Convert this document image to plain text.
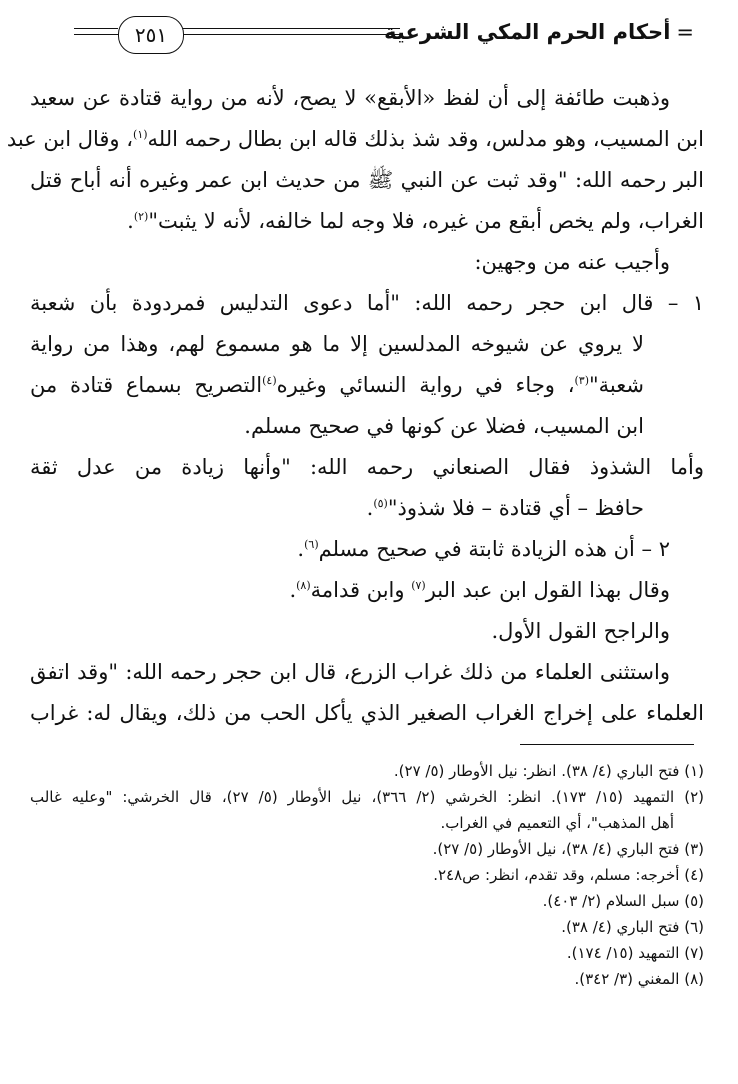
=أحكام الحرم المكي الشرعية
٢٥١
وذهبت طائفة إلى أن لفظ «الأبقع» لا يصح، لأنه من رواية قتادة عن سعيد
ابن المسيب، وهو مدلس، وقد شذ بذلك قاله ابن بطال رحمه الله$^{(١)}$، وقال ابن عبد
البر رحمه الله: "وقد ثبت عن النبي ﷺ من حديث ابن عمر وغيره أنه أباح قتل
الغراب، ولم يخص أبقع من غيره، فلا وجه لما خالفه، لأنه لا يثبت"$^{(٢)}$.
وأجيب عنه من وجهين:
١ – قال ابن حجر رحمه الله: "أما دعوى التدليس فمردودة بأن شعبة
لا يروي عن شيوخه المدلسين إلا ما هو مسموع لهم، وهذا من رواية
شعبة"$^{(٣)}$، وجاء في رواية النسائي وغيره$^{(٤)}$التصريح بسماع قتادة من
ابن المسيب، فضلا عن كونها في صحيح مسلم.
وأما الشذوذ فقال الصنعاني رحمه الله: "وأنها زيادة من عدل ثقة
حافظ – أي قتادة – فلا شذوذ"$^{(٥)}$.
٢ – أن هذه الزيادة ثابتة في صحيح مسلم$^{(٦)}$.
وقال بهذا القول ابن عبد البر$^{(٧)}$ وابن قدامة$^{(٨)}$.
والراجح القول الأول.
واستثنى العلماء من ذلك غراب الزرع، قال ابن حجر رحمه الله: "وقد اتفق
العلماء على إخراج الغراب الصغير الذي يأكل الحب من ذلك، ويقال له: غراب
(١) فتح الباري (٤/ ٣٨). انظر: نيل الأوطار (٥/ ٢٧).
(٢) التمهيد (١٥/ ١٧٣). انظر: الخرشي (٢/ ٣٦٦)، نيل الأوطار (٥/ ٢٧)، قال الخرشي: "وعليه غالب
أهل المذهب"، أي التعميم في الغراب.
(٣) فتح الباري (٤/ ٣٨)، نيل الأوطار (٥/ ٢٧).
(٤) أخرجه: مسلم، وقد تقدم، انظر: ص٢٤٨.
(٥) سبل السلام (٢/ ٤٠٣).
(٦) فتح الباري (٤/ ٣٨).
(٧) التمهيد (١٥/ ١٧٤).
(٨) المغني (٣/ ٣٤٢).
